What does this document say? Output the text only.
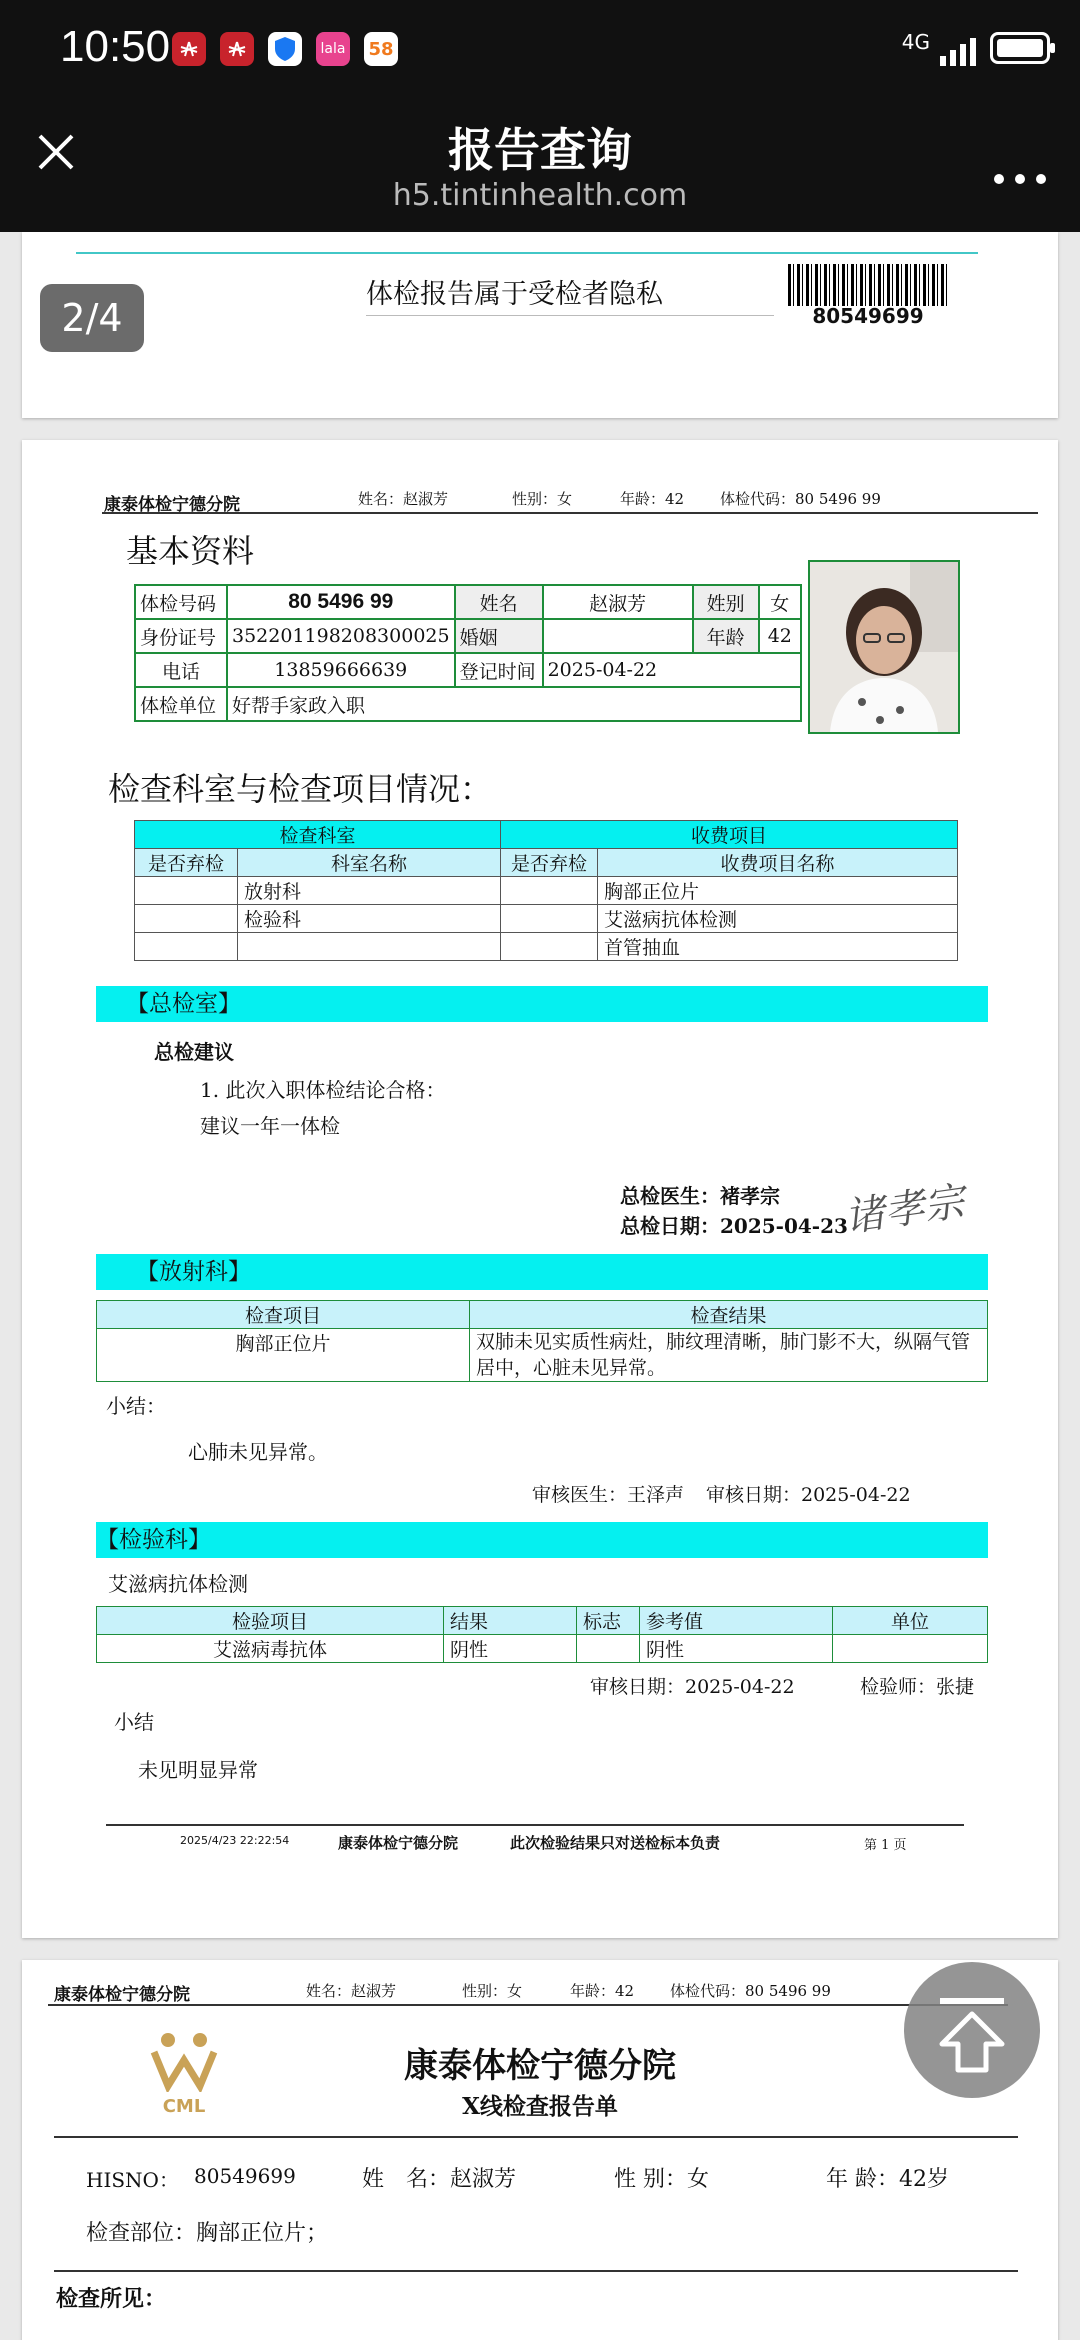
10:50	lala 58	4G
报告查询
h5.tintinhealth.com
体检报告属于受检者隐私
80549699
康泰体检宁德分院	姓名：赵淑芳	性别：女	年龄：42 体检代码：80 5496 99
基本资料
体检号码	80 5496 99	姓名	赵淑芳	姓别	女
身份证号	352201198208300025	婚姻		年龄	42
电话	13859666639	登记时间	2025-04-22		
体检单位	好帮手家政入职				
检查科室与检查项目情况：
检查科室		收费项目	
是否弃检	科室名称	是否弃检	收费项目名称
	放射科		胸部正位片
	检验科		艾滋病抗体检测
			首管抽血
【总检室】
总检建议
1. 此次入职体检结论合格：
建议一年一体检
总检医生：褚孝宗
总检日期：2025-04-23
诸孝宗
【放射科】
检查项目	检查结果
胸部正位片	双肺未见实质性病灶，肺纹理清晰，肺门影不大，纵隔气管居中，心脏未见异常。
小结：
心肺未见异常。
审核医生：王泽声 审核日期：2025-04-22
【检验科】
艾滋病抗体检测
检验项目	结果	标志	参考值	单位
艾滋病毒抗体	阴性		阴性	
审核日期：2025-04-22	检验师：张捷
小结
未见明显异常
2025/4/23 22:22:54	康泰体检宁德分院	此次检验结果只对送检标本负责	第 1 页
康泰体检宁德分院	姓名：赵淑芳	性别：女	年龄：42 体检代码：80 5496 99
CML
康泰体检宁德分院
X线检查报告单
HISNO： 80549699	姓　名：赵淑芳	性 别：女	年 龄：42岁
检查部位：胸部正位片；
检查所见：
2/4
